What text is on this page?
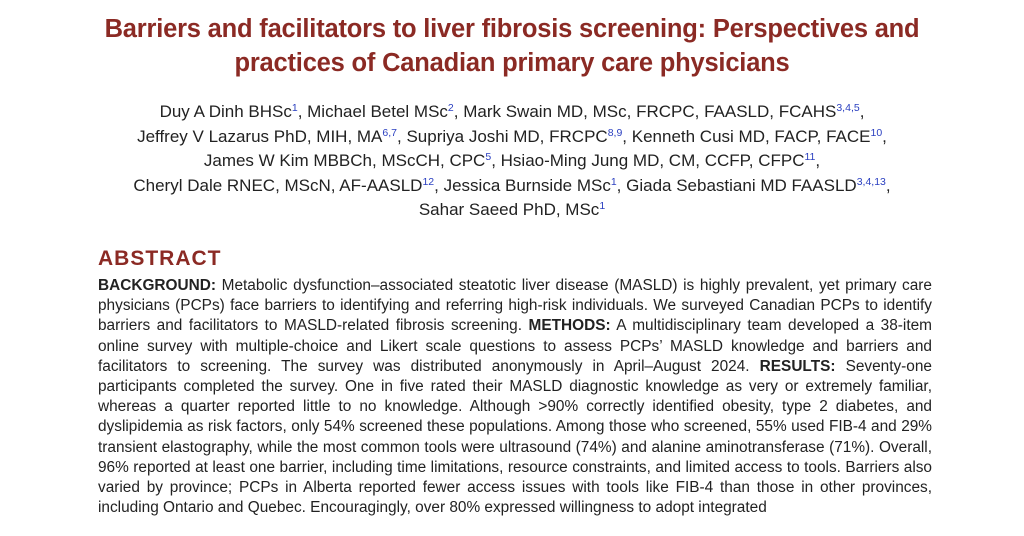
Barriers and facilitators to liver fibrosis screening: Perspectives and
practices of Canadian primary care physicians
Duy A Dinh BHSc$^1$, Michael Betel MSc$^2$, Mark Swain MD, MSc, FRCPC, FAASLD, FCAHS$^{3,4,5}$,
Jeffrey V Lazarus PhD, MIH, MA$^{6,7}$, Supriya Joshi MD, FRCPC$^{8,9}$, Kenneth Cusi MD, FACP, FACE$^{10}$,
James W Kim MBBCh, MScCH, CPC$^5$, Hsiao-Ming Jung MD, CM, CCFP, CFPC$^{11}$,
Cheryl Dale RNEC, MScN, AF-AASLD$^{12}$, Jessica Burnside MSc$^1$, Giada Sebastiani MD FAASLD$^{3,4,13}$,
Sahar Saeed PhD, MSc$^1$
ABSTRACT
BACKGROUND: Metabolic dysfunction–associated steatotic liver disease (MASLD) is highly prevalent, yet primary care physicians (PCPs) face barriers to identifying and referring high-risk individuals. We surveyed Canadian PCPs to identify barriers and facilitators to MASLD-related fibrosis screening. METHODS: A multidisciplinary team developed a 38-item online survey with multiple-choice and Likert scale questions to assess PCPs’ MASLD knowledge and barriers and facilitators to screening. The survey was distributed anonymously in April–August 2024. RESULTS: Seventy-one participants completed the survey. One in five rated their MASLD diagnostic knowledge as very or extremely familiar, whereas a quarter reported little to no knowledge. Although >90% correctly identified obesity, type 2 diabetes, and dyslipidemia as risk factors, only 54% screened these populations. Among those who screened, 55% used FIB-4 and 29% transient elastography, while the most common tools were ultrasound (74%) and alanine aminotransferase (71%). Overall, 96% reported at least one barrier, including time limitations, resource constraints, and limited access to tools. Barriers also varied by province; PCPs in Alberta reported fewer access issues with tools like FIB-4 than those in other provinces, including Ontario and Quebec. Encouragingly, over 80% expressed willingness to adopt integrated
